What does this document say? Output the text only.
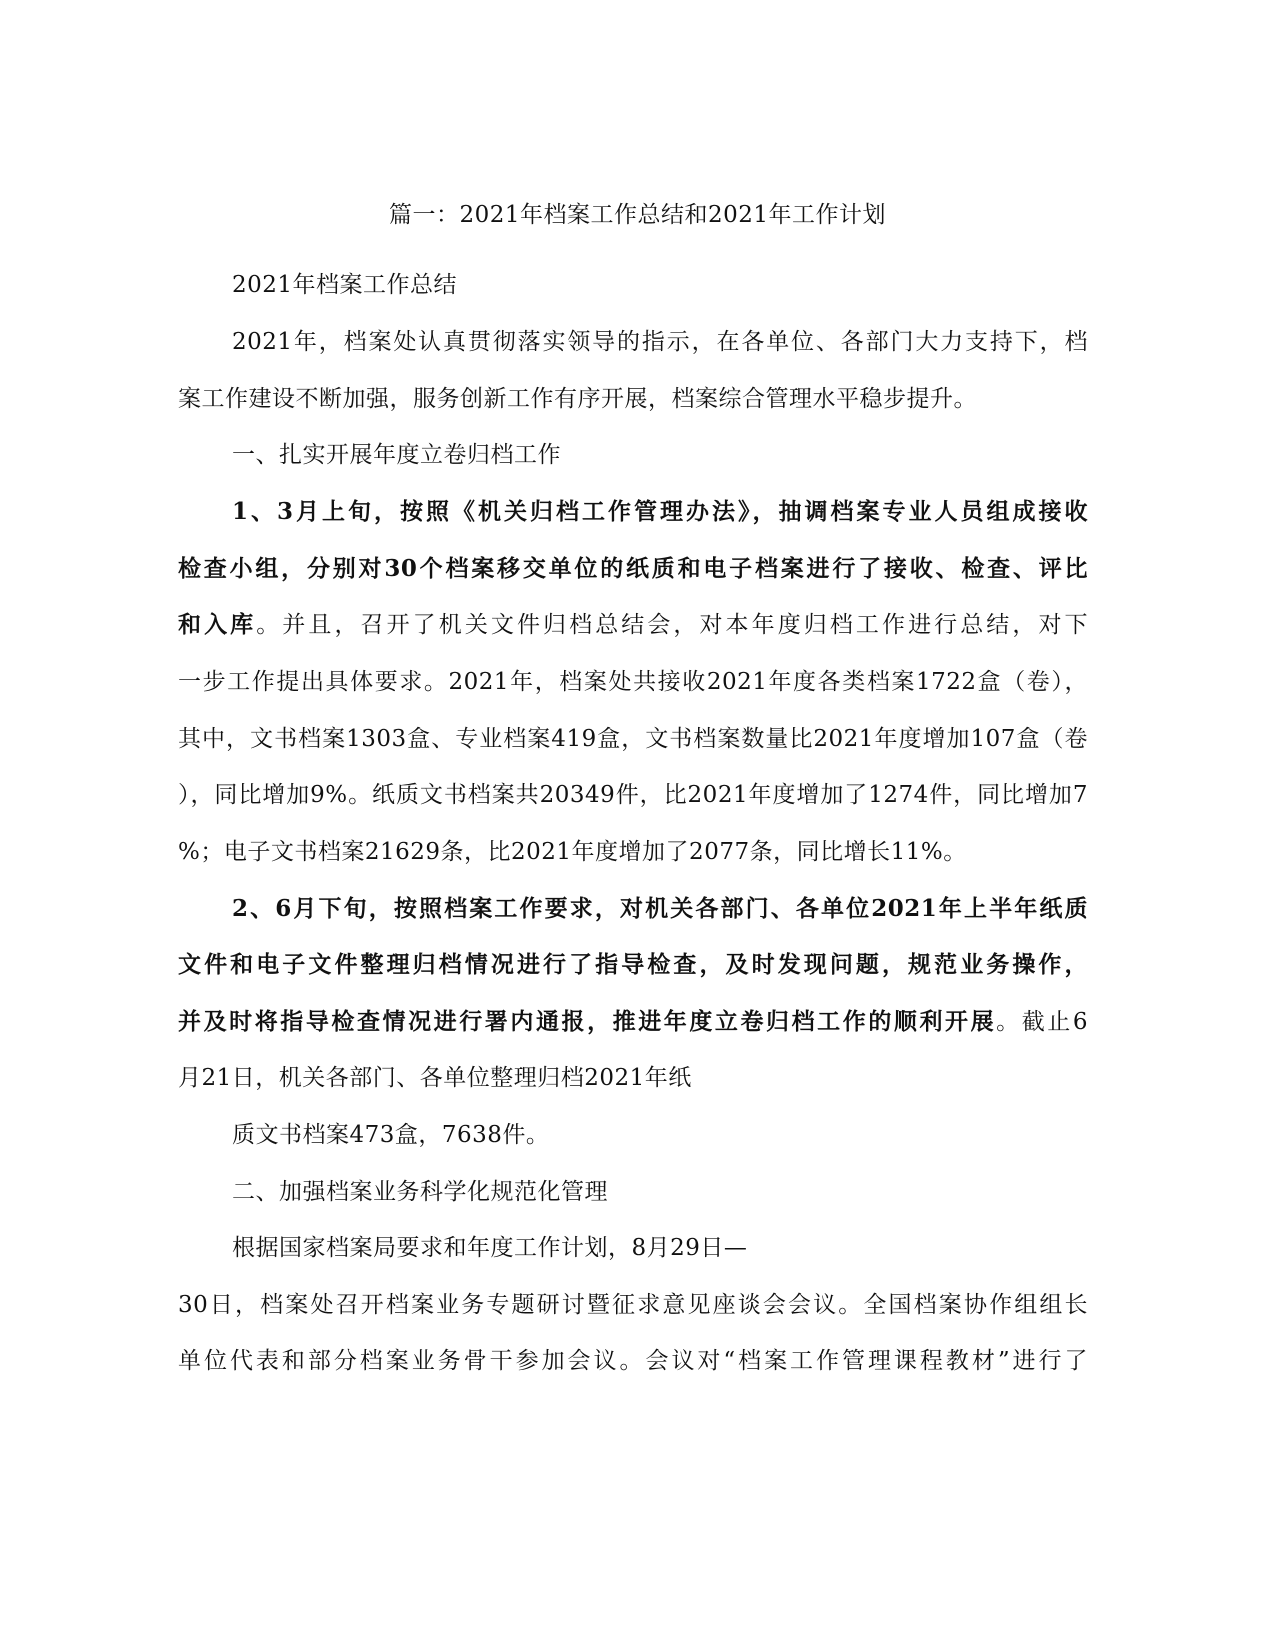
篇一：2021年档案工作总结和2021年工作计划
2021年档案工作总结
2021年，档案处认真贯彻落实领导的指示，在各单位、各部门大力支持下，档
案工作建设不断加强，服务创新工作有序开展，档案综合管理水平稳步提升。
一、扎实开展年度立卷归档工作
1、3月上旬，按照《机关归档工作管理办法》，抽调档案专业人员组成接收
检查小组，分别对30个档案移交单位的纸质和电子档案进行了接收、检查、评比
和入库。并且，召开了机关文件归档总结会，对本年度归档工作进行总结，对下
一步工作提出具体要求。2021年，档案处共接收2021年度各类档案1722盒（卷），
其中，文书档案1303盒、专业档案419盒，文书档案数量比2021年度增加107盒（卷
），同比增加9%。纸质文书档案共20349件，比2021年度增加了1274件，同比增加7
%；电子文书档案21629条，比2021年度增加了2077条，同比增长11%。
2、6月下旬，按照档案工作要求，对机关各部门、各单位2021年上半年纸质
文件和电子文件整理归档情况进行了指导检查，及时发现问题，规范业务操作，
并及时将指导检查情况进行署内通报，推进年度立卷归档工作的顺利开展。截止6
月21日，机关各部门、各单位整理归档2021年纸
质文书档案473盒，7638件。
二、加强档案业务科学化规范化管理
根据国家档案局要求和年度工作计划，8月29日—
30日，档案处召开档案业务专题研讨暨征求意见座谈会会议。全国档案协作组组长
单位代表和部分档案业务骨干参加会议。会议对“档案工作管理课程教材”进行了
